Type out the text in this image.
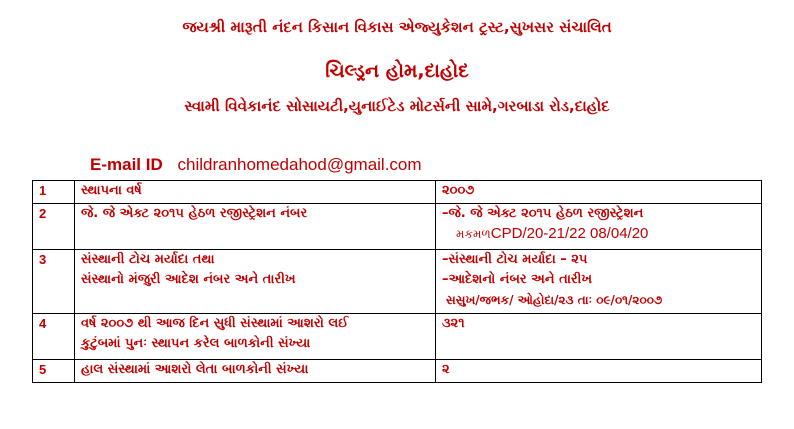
જયશ્રી મારૂતી નંદન કિસાન વિકાસ એજ્યુકેશન ટ્રસ્ટ,સુખસર સંચાલિત
ચિલ્ડ્રન હોમ,દાહોદ
સ્વામી વિવેકાનંદ સોસાયટી,યુનાઈટેડ મોટર્સની સામે,ગરબાડા રોડ,દાહોદ
E-mail ID childranhomedahod@gmail.com
1	સ્થાપના વર્ષ	૨૦૦૭

2	જે. જે એક્ટ ૨૦૧૫ હેઠળ રજીસ્ટ્રેશન નંબર	–જે. જે એક્ટ ૨૦૧૫ હેઠળ રજીસ્ટ્રેશન
મકમળCPD/20-21/22 08/04/20

3	સંસ્થાની ટોચ મર્યાદા તથા
સંસ્થાનો મંજુરી આદેશ નંબર અને તારીખ	–સંસ્થાની ટોચ મર્યાદા – ૨૫
–આદેશનો નંબર અને તારીખ
સસુખ/જભક/ ઓહોદા/૨૩ તાઃ ૦૯/૦૧/૨૦૦૭

4	વર્ષ ૨૦૦૭ થી આજ દિન સુધી સંસ્થામાં આશરો લઈ
કુટુંબમાં પુનઃ સ્થાપન કરેલ બાળકોની સંખ્યા	૩૨૧

5	હાલ સંસ્થામાં આશરો લેતા બાળકોની સંખ્યા	૨
